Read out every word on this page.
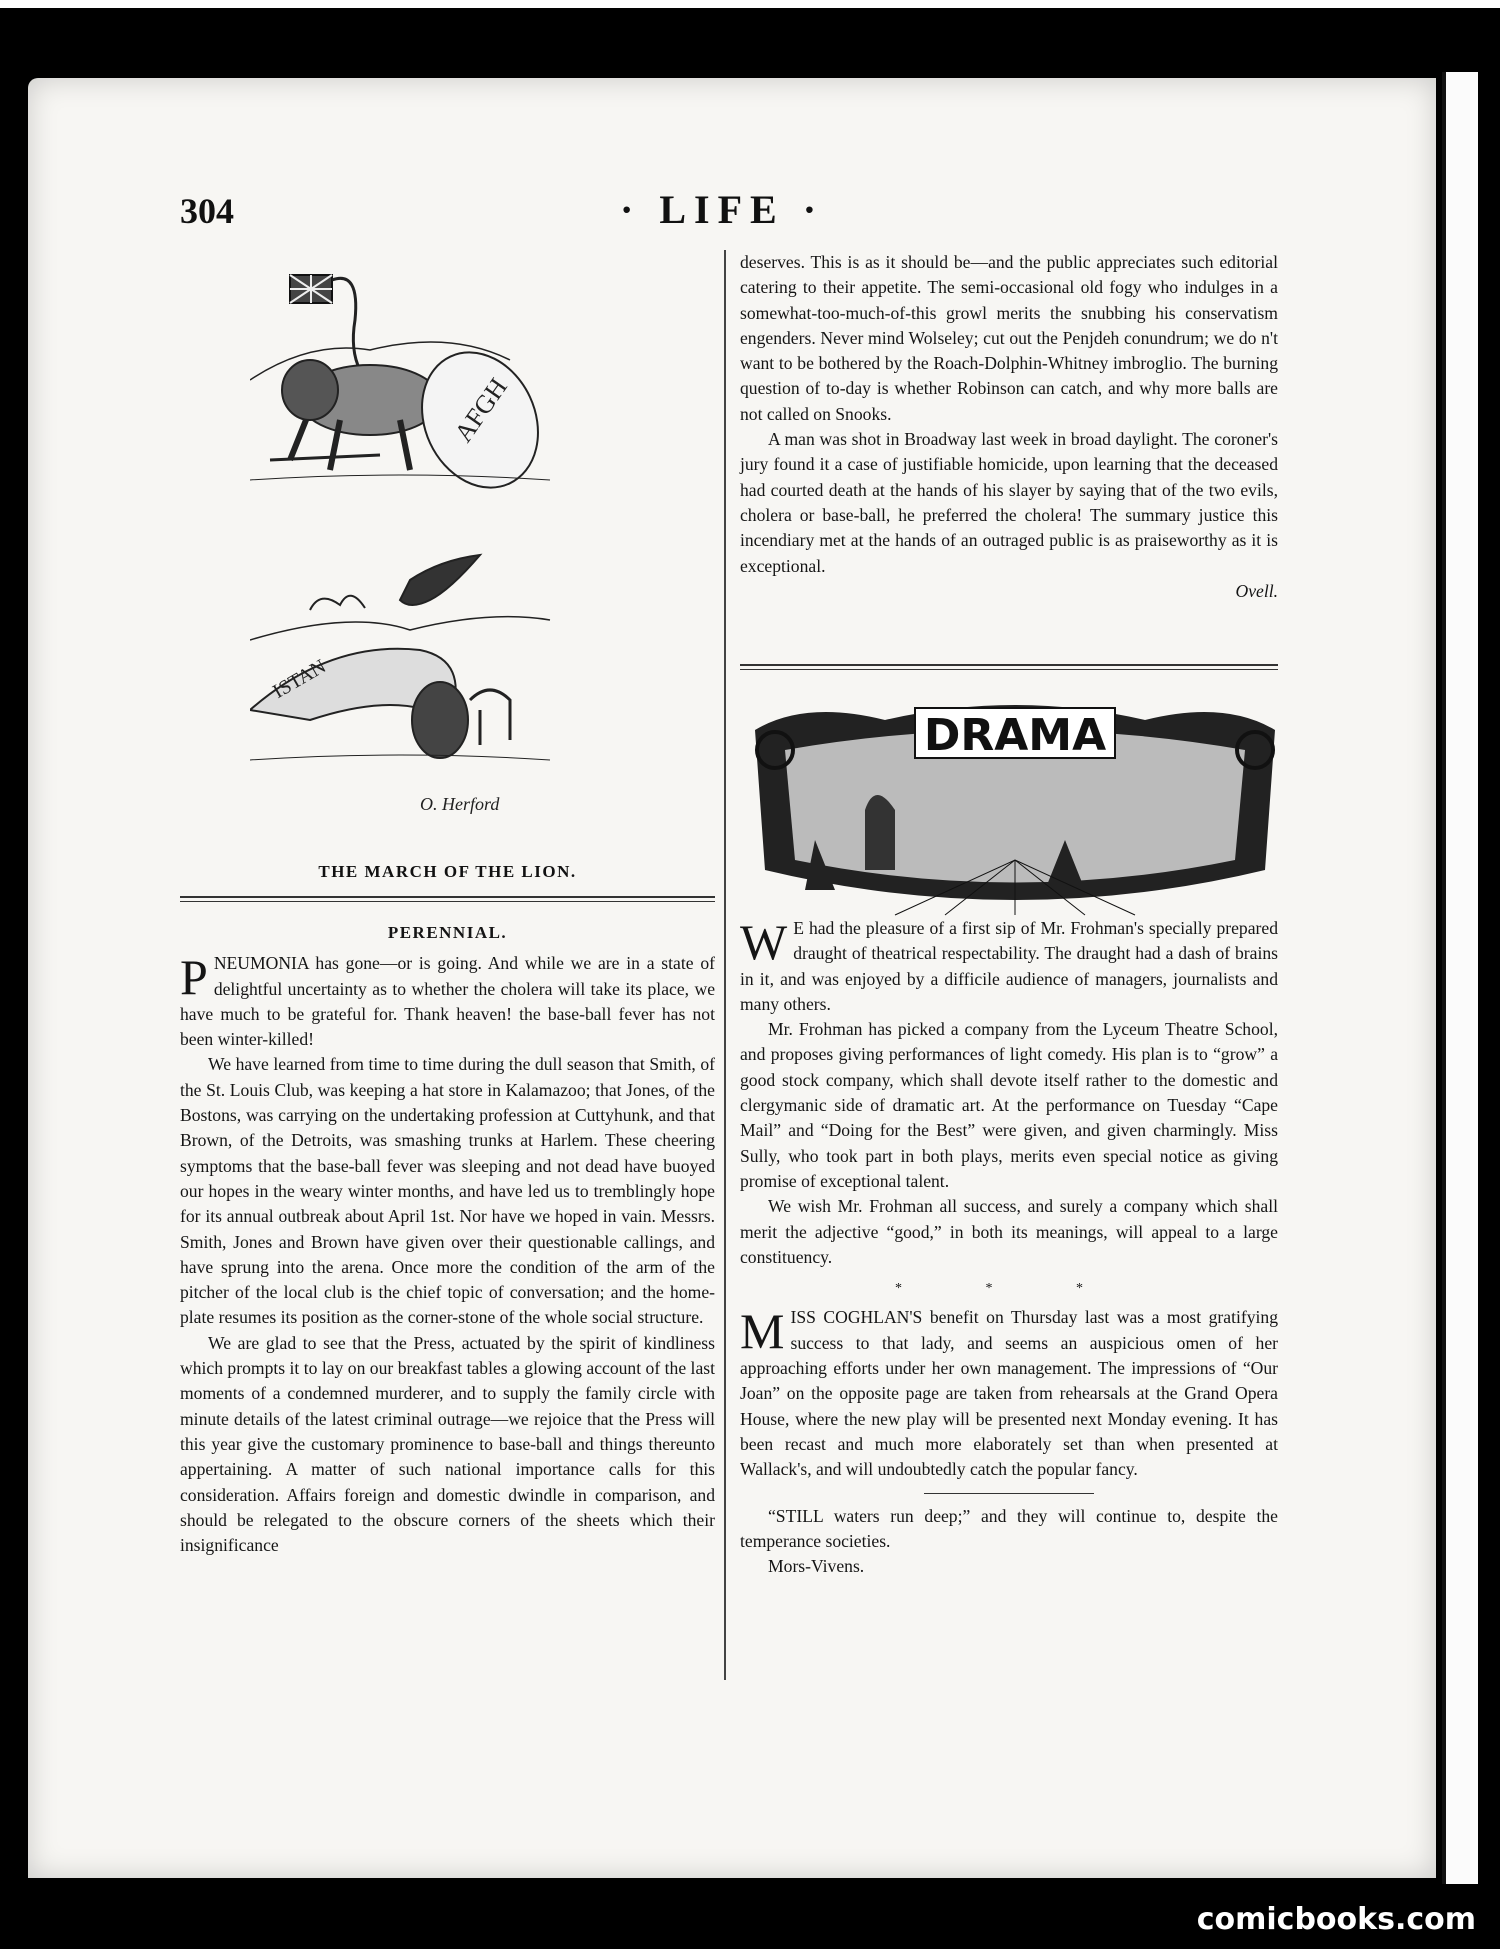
304	· LIFE ·
AFGH
ISTAN
O. Herford
THE MARCH OF THE LION.
PERENNIAL.

PNEUMONIA has gone—or is going. And while we are in a state of delightful uncertainty as to whether the cholera will take its place, we have much to be grateful for. Thank heaven! the base-ball fever has not been winter-killed!

We have learned from time to time during the dull season that Smith, of the St. Louis Club, was keeping a hat store in Kalamazoo; that Jones, of the Bostons, was carrying on the undertaking profession at Cuttyhunk, and that Brown, of the Detroits, was smashing trunks at Harlem. These cheering symptoms that the base-ball fever was sleeping and not dead have buoyed our hopes in the weary winter months, and have led us to tremblingly hope for its annual outbreak about April 1st. Nor have we hoped in vain. Messrs. Smith, Jones and Brown have given over their questionable callings, and have sprung into the arena. Once more the condition of the arm of the pitcher of the local club is the chief topic of conversation; and the home-plate resumes its position as the corner-stone of the whole social structure.

We are glad to see that the Press, actuated by the spirit of kindliness which prompts it to lay on our breakfast tables a glowing account of the last moments of a condemned murderer, and to supply the family circle with minute details of the latest criminal outrage—we rejoice that the Press will this year give the customary prominence to base-ball and things thereunto appertaining. A matter of such national importance calls for this consideration. Affairs foreign and domestic dwindle in comparison, and should be relegated to the obscure corners of the sheets which their insignificance

deserves. This is as it should be—and the public appreciates such editorial catering to their appetite. The semi-occasional old fogy who indulges in a somewhat-too-much-of-this growl merits the snubbing his conservatism engenders. Never mind Wolseley; cut out the Penjdeh conundrum; we do n't want to be bothered by the Roach-Dolphin-Whitney imbroglio. The burning question of to-day is whether Robinson can catch, and why more balls are not called on Snooks.

A man was shot in Broadway last week in broad daylight. The coroner's jury found it a case of justifiable homicide, upon learning that the deceased had courted death at the hands of his slayer by saying that of the two evils, cholera or base-ball, he preferred the cholera! The summary justice this incendiary met at the hands of an outraged public is as praiseworthy as it is exceptional.

Ovell.
DRAMA

W E had the pleasure of a first sip of Mr. Frohman's specially prepared draught of theatrical respectability. The draught had a dash of brains in it, and was enjoyed by a difficile audience of managers, journalists and many others.

Mr. Frohman has picked a company from the Lyceum Theatre School, and proposes giving performances of light comedy. His plan is to “grow” a good stock company, which shall devote itself rather to the domestic and clergymanic side of dramatic art. At the performance on Tuesday “Cape Mail” and “Doing for the Best” were given, and given charmingly. Miss Sully, who took part in both plays, merits even special notice as giving promise of exceptional talent.

We wish Mr. Frohman all success, and surely a company which shall merit the adjective “good,” in both its meanings, will appeal to a large constituency.

* * *

MISS COGHLAN'S benefit on Thursday last was a most gratifying success to that lady, and seems an auspicious omen of her approaching efforts under her own management. The impressions of “Our Joan” on the opposite page are taken from rehearsals at the Grand Opera House, where the new play will be presented next Monday evening. It has been recast and much more elaborately set than when presented at Wallack's, and will undoubtedly catch the popular fancy.

“STILL waters run deep;” and they will continue to, despite the temperance societies.

Mors-Vivens.

comicbooks.com
